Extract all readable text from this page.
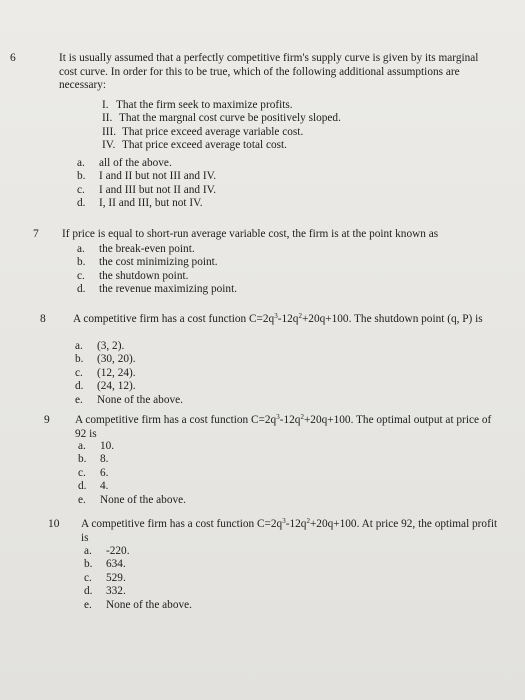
6	It is usually assumed that a perfectly competitive firm's supply curve is given by its marginal cost curve. In order for this to be true, which of the following additional assumptions are necessary:
I. That the firm seek to maximize profits.
II. That the margnal cost curve be positively sloped.
III. That price exceed average variable cost.
IV. That price exceed average total cost.
a. all of the above.
b. I and II but not III and IV.
c. I and III but not II and IV.
d. I, II and III, but not IV.
7 If price is equal to short-run average variable cost, the firm is at the point known as
a. the break-even point.
b. the cost minimizing point.
c. the shutdown point.
d. the revenue maximizing point.
8 A competitive firm has a cost function $C=2q^3-12q^2+20q+100$. The shutdown point (q, P) is
a. (3, 2).
b. (30, 20).
c. (12, 24).
d. (24, 12).
e. None of the above.
9 A competitive firm has a cost function $C=2q^3-12q^2+20q+100$. The optimal output at price of 92 is
a. 10.
b. 8.
c. 6.
d. 4.
e. None of the above.
10 A competitive firm has a cost function $C=2q^3-12q^2+20q+100$. At price 92, the optimal profit is
a. -220.
b. 634.
c. 529.
d. 332.
e. None of the above.
